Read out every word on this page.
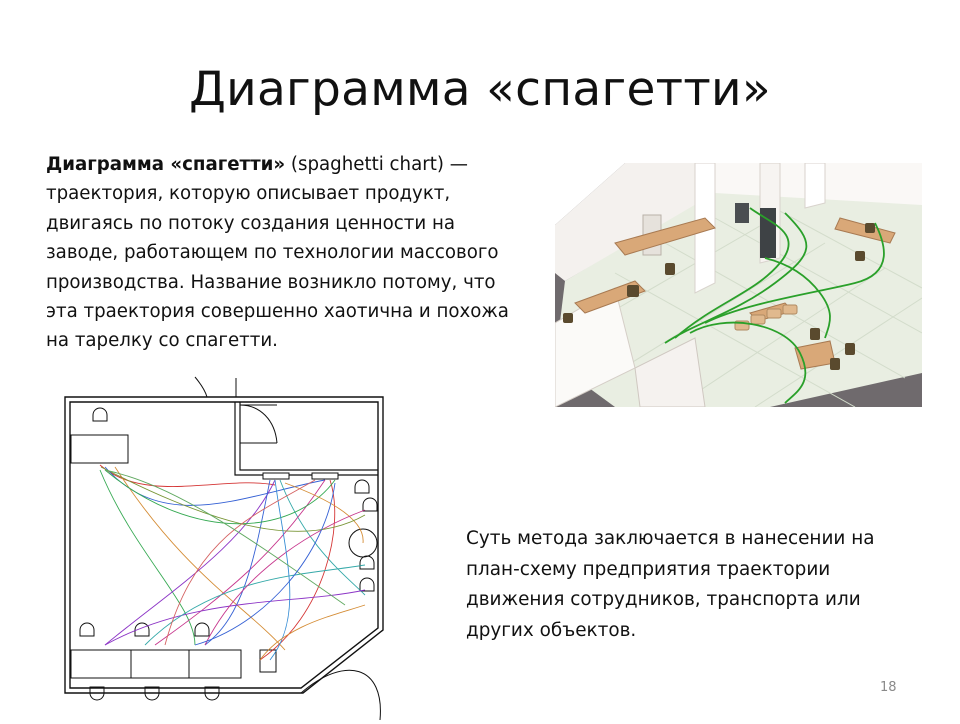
Диаграмма «спагетти»

Диаграмма «спагетти» (spaghetti chart) — траектория, которую описывает продукт, двигаясь по потоку создания ценности на заводе, работающем по технологии массового производства. Название возникло потому, что эта траектория совершенно хаотична и похожа на тарелку со спагетти.

Суть метода заключается в нанесении на план-схему предприятия траектории движения сотрудников, транспорта или других объектов.

18
